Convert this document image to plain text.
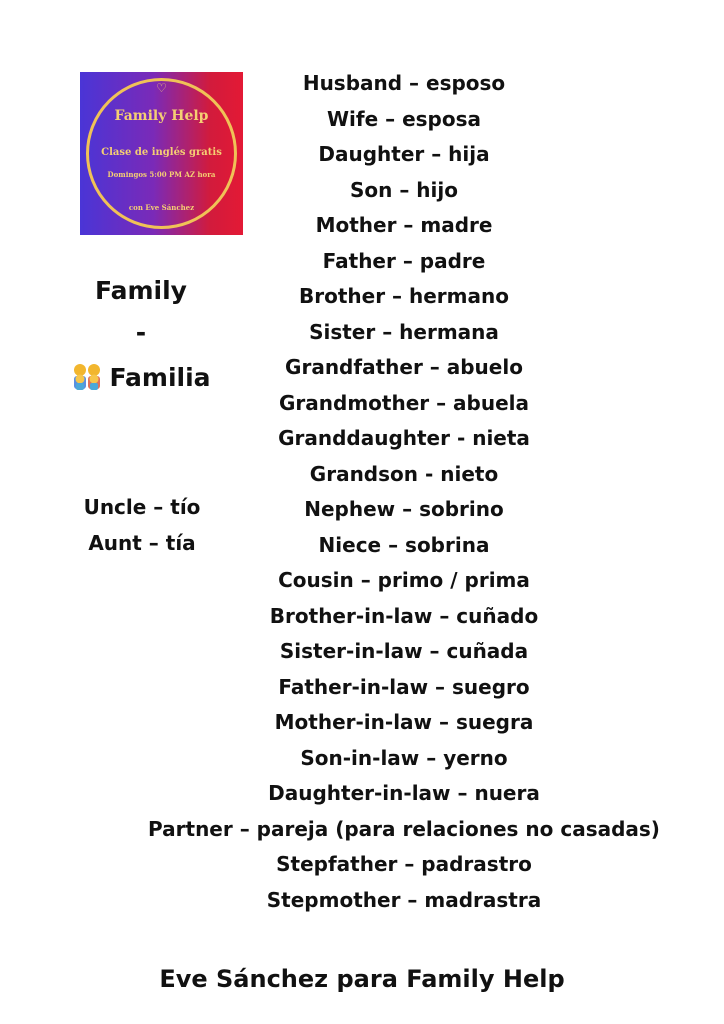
♡
Family Help
Clase de inglés gratis
Domingos 5:00 PM AZ hora
con Eve Sánchez
Family
-
Familia
Uncle – tío
Aunt – tía
Husband – esposo
Wife – esposa
Daughter – hija
Son – hijo
Mother – madre
Father – padre
Brother – hermano
Sister – hermana
Grandfather – abuelo
Grandmother – abuela
Granddaughter - nieta
Grandson - nieto
Nephew – sobrino
Niece – sobrina
Cousin – primo / prima
Brother-in-law – cuñado
Sister-in-law – cuñada
Father-in-law – suegro
Mother-in-law – suegra
Son-in-law – yerno
Daughter-in-law – nuera
Partner – pareja (para relaciones no casadas)
Stepfather – padrastro
Stepmother – madrastra
Eve Sánchez para Family Help
